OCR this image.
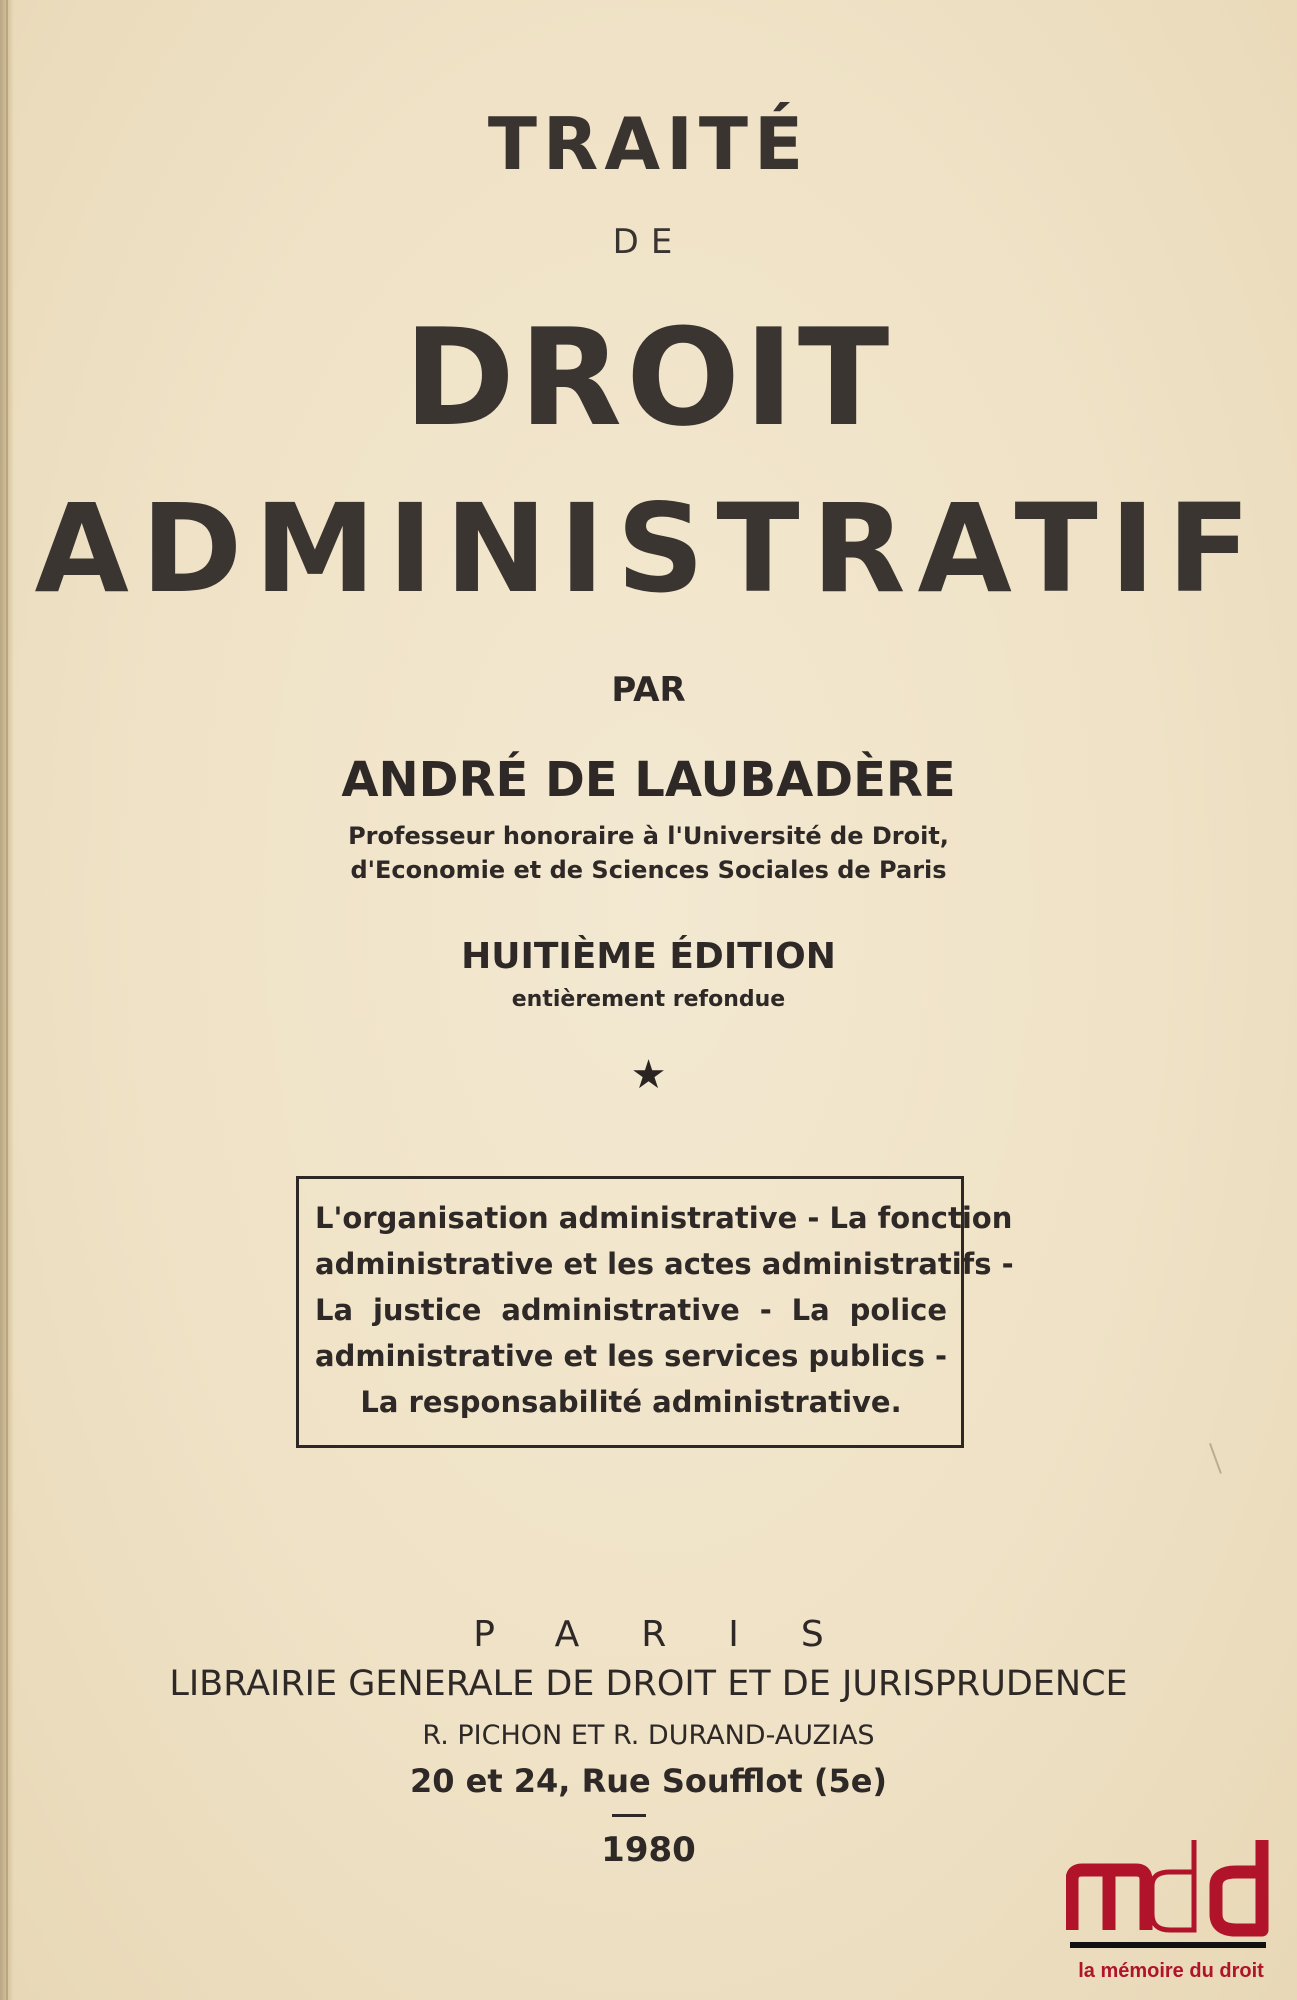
TRAITÉ
DE
DROIT
ADMINISTRATIF
PAR
ANDRÉ DE LAUBADÈRE
Professeur honoraire à l'Université de Droit,
d'Economie et de Sciences Sociales de Paris
HUITIÈME ÉDITION
entièrement refondue
★
L'organisation administrative - La fonction
administrative et les actes administratifs -
La justice administrative - La police
administrative et les services publics -
La responsabilité administrative.
PARIS
LIBRAIRIE GENERALE DE DROIT ET DE JURISPRUDENCE
R. PICHON ET R. DURAND-AUZIAS
20 et 24, Rue Soufflot (5e)
1980
la mémoire du droit
